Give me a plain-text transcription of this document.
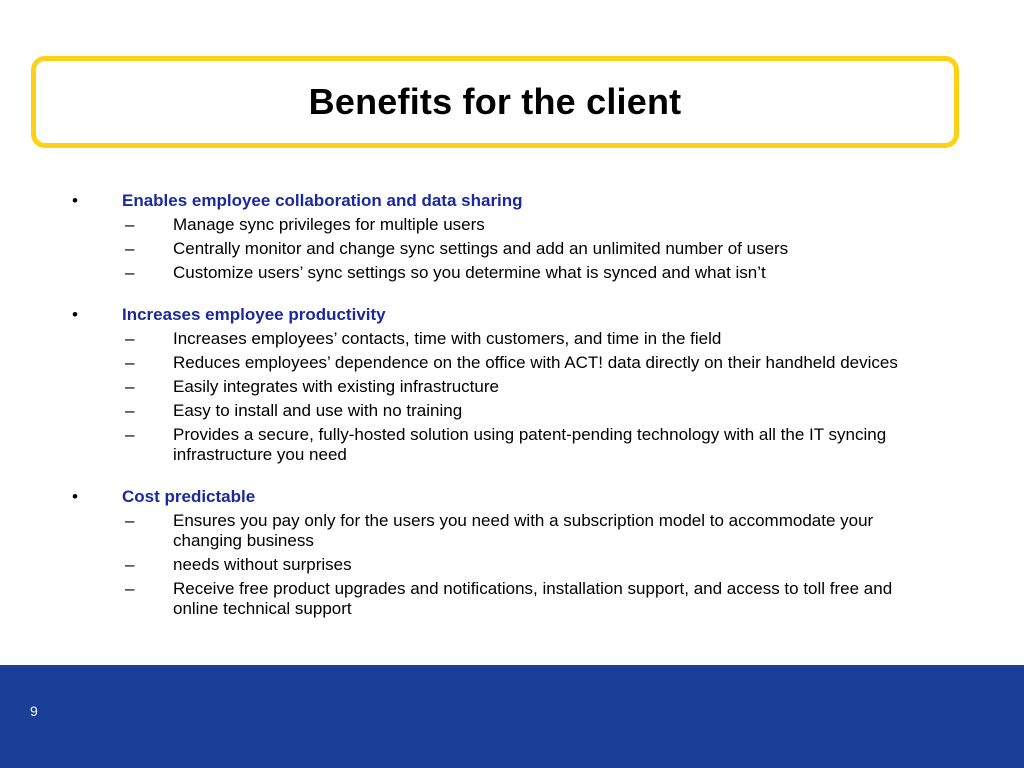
Benefits for the client
•	Enables employee collaboration and data sharing
– Manage sync privileges for multiple users
– Centrally monitor and change sync settings and add an unlimited number of users
– Customize users’ sync settings so you determine what is synced and what isn’t
•	Increases employee productivity
– Increases employees’ contacts, time with customers, and time in the field
– Reduces employees’ dependence on the office with ACT! data directly on their handheld devices
– Easily integrates with existing infrastructure
– Easy to install and use with no training
– Provides a secure, fully-hosted solution using patent-pending technology with all the IT syncing infrastructure you need
•	Cost predictable
– Ensures you pay only for the users you need with a subscription model to accommodate your changing business
– needs without surprises
– Receive free product upgrades and notifications, installation support, and access to toll free and online technical support
9
